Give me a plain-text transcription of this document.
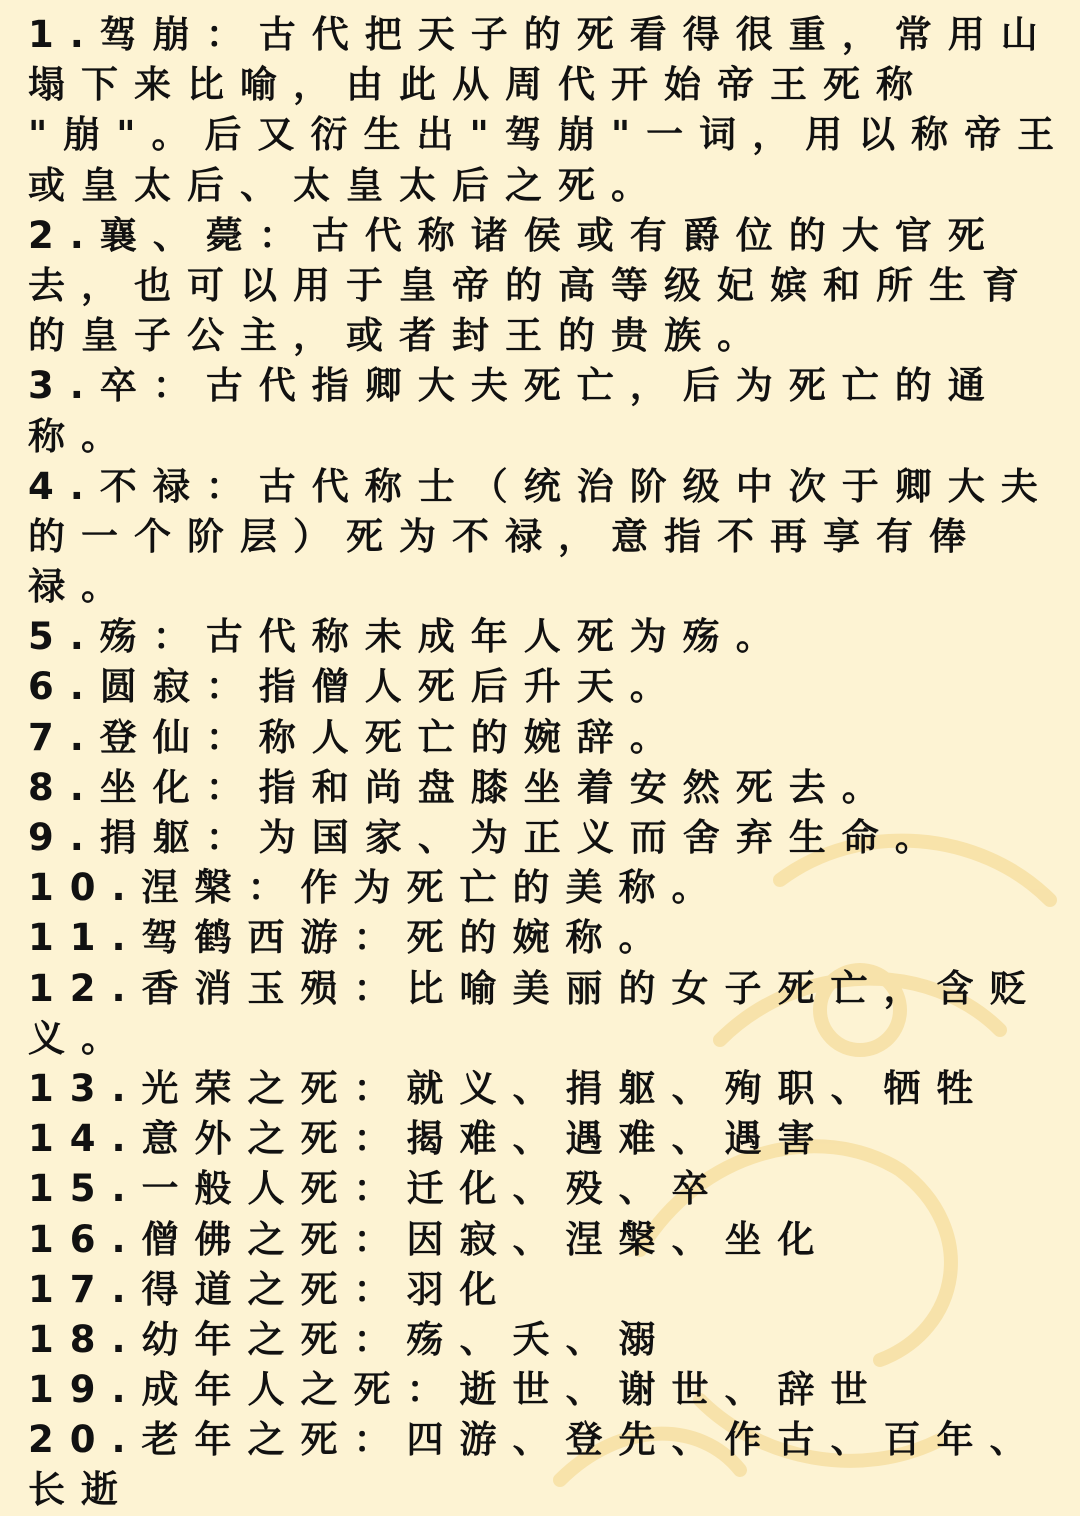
1.驾崩：古代把天子的死看得很重，常用山
塌下来比喻，由此从周代开始帝王死称
"崩"。后又衍生出"驾崩"一词，用以称帝王
或皇太后、太皇太后之死。
2.襄、薨：古代称诸侯或有爵位的大官死
去，也可以用于皇帝的高等级妃嫔和所生育
的皇子公主，或者封王的贵族。
3.卒：古代指卿大夫死亡，后为死亡的通
称。
4.不禄：古代称士（统治阶级中次于卿大夫
的一个阶层）死为不禄，意指不再享有俸
禄。
5.殇：古代称未成年人死为殇。
6.圆寂：指僧人死后升天。
7.登仙：称人死亡的婉辞。
8.坐化：指和尚盘膝坐着安然死去。
9.捐躯：为国家、为正义而舍弃生命。
10.涅槃：作为死亡的美称。
11.驾鹤西游：死的婉称。
12.香消玉殒：比喻美丽的女子死亡，含贬
义。
13.光荣之死：就义、捐躯、殉职、牺牲
14.意外之死：揭难、遇难、遇害
15.一般人死：迁化、殁、卒
16.僧佛之死：因寂、涅槃、坐化
17.得道之死：羽化
18.幼年之死：殇、夭、溺
19.成年人之死：逝世、谢世、辞世
20.老年之死：四游、登先、作古、百年、
长逝
